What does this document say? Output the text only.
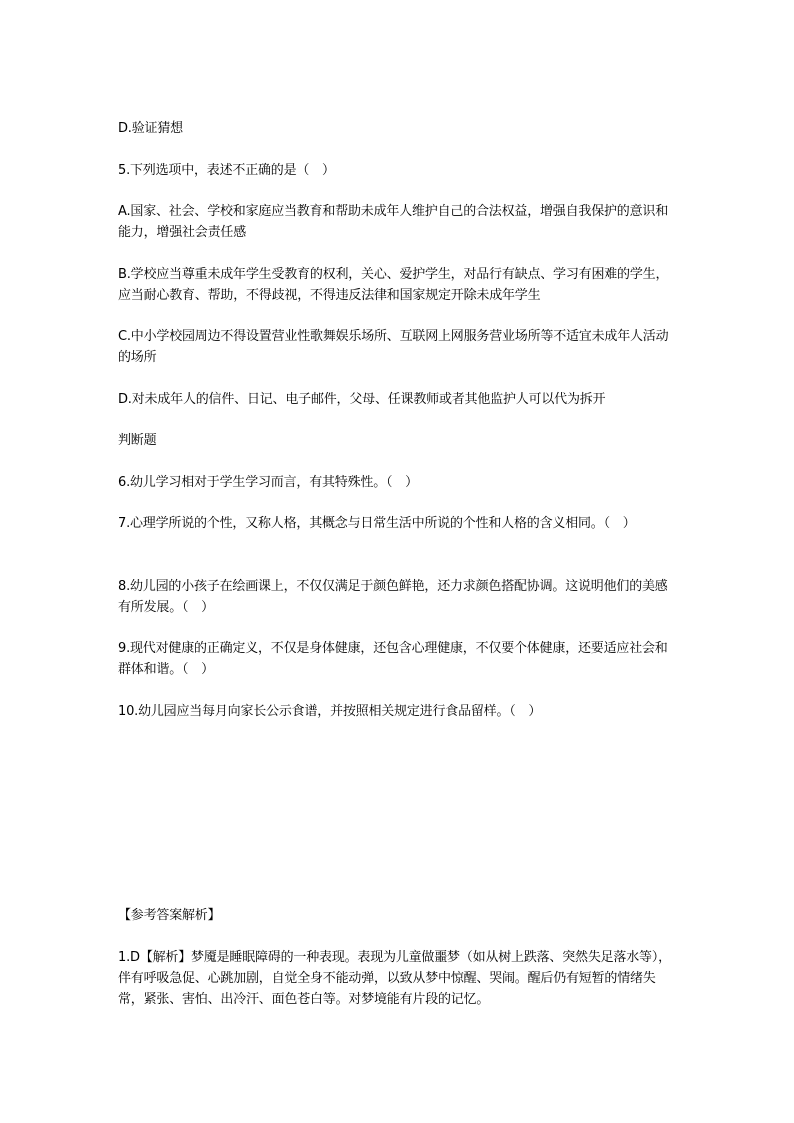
D.验证猜想

5.下列选项中，表述不正确的是（　）

A.国家、社会、学校和家庭应当教育和帮助未成年人维护自己的合法权益，增强自我保护的意识和能力，增强社会责任感

B.学校应当尊重未成年学生受教育的权利，关心、爱护学生，对品行有缺点、学习有困难的学生，应当耐心教育、帮助，不得歧视，不得违反法律和国家规定开除未成年学生

C.中小学校园周边不得设置营业性歌舞娱乐场所、互联网上网服务营业场所等不适宜未成年人活动的场所

D.对未成年人的信件、日记、电子邮件，父母、任课教师或者其他监护人可以代为拆开

判断题

6.幼儿学习相对于学生学习而言，有其特殊性。（　）

7.心理学所说的个性，又称人格，其概念与日常生活中所说的个性和人格的含义相同。（　）

8.幼儿园的小孩子在绘画课上，不仅仅满足于颜色鲜艳，还力求颜色搭配协调。这说明他们的美感有所发展。（　）

9.现代对健康的正确定义，不仅是身体健康，还包含心理健康，不仅要个体健康，还要适应社会和群体和谐。（　）

10.幼儿园应当每月向家长公示食谱，并按照相关规定进行食品留样。（　）

【参考答案解析】

1.D【解析】梦魇是睡眠障碍的一种表现。表现为儿童做噩梦（如从树上跌落、突然失足落水等），伴有呼吸急促、心跳加剧，自觉全身不能动弹，以致从梦中惊醒、哭闹。醒后仍有短暂的情绪失常，紧张、害怕、出冷汗、面色苍白等。对梦境能有片段的记忆。
